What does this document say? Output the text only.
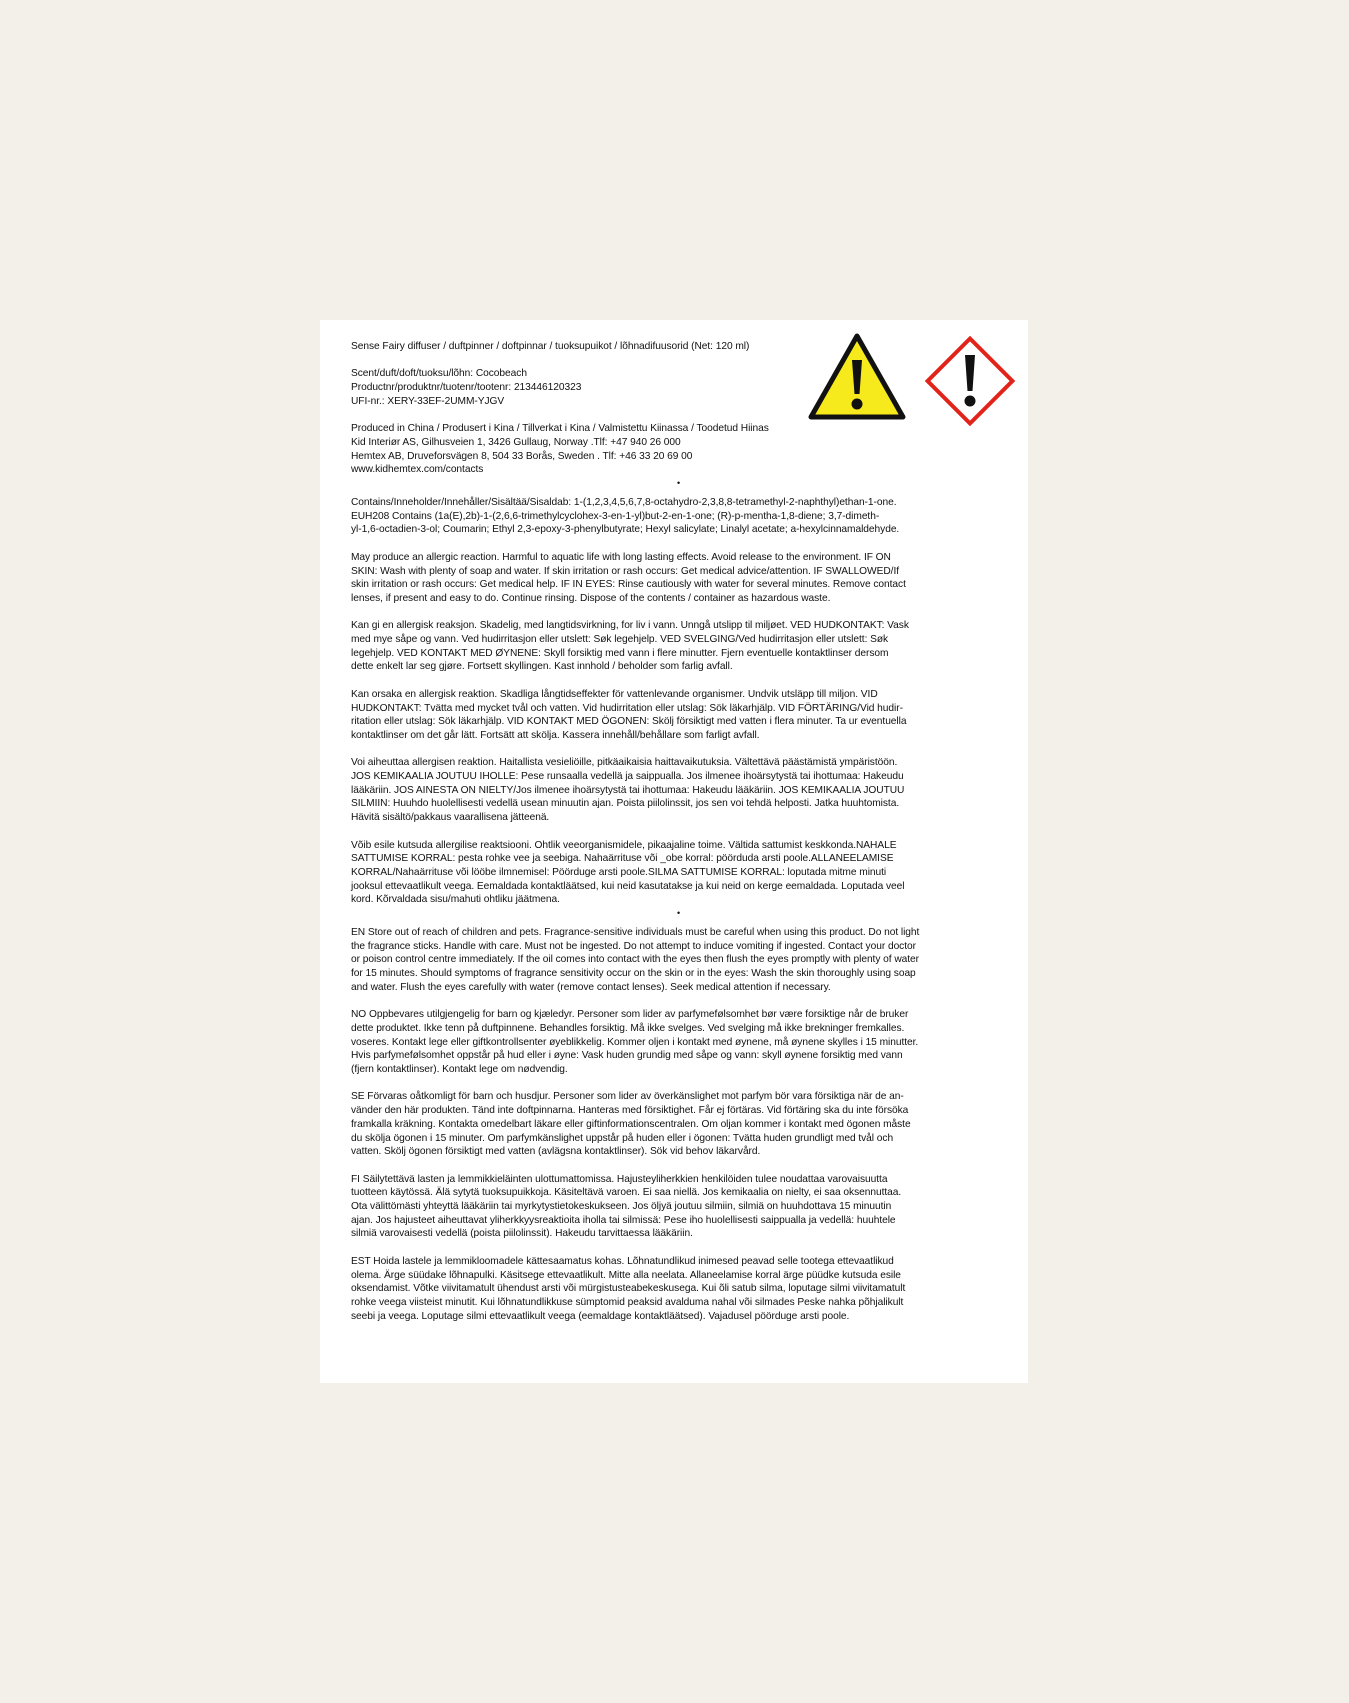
Sense Fairy diffuser / duftpinner / doftpinnar / tuoksupuikot / lõhnadifuusorid (Net: 120 ml)

Scent/duft/doft/tuoksu/lõhn: Cocobeach

Productnr/produktnr/tuotenr/tootenr: 213446120323

UFI-nr.: XERY-33EF-2UMM-YJGV

Produced in China / Produsert i Kina / Tillverkat i Kina / Valmistettu Kiinassa / Toodetud Hiinas

Kid Interiør AS, Gilhusveien 1, 3426 Gullaug, Norway .Tlf: +47 940 26 000

Hemtex AB, Druveforsvägen 8, 504 33 Borås, Sweden . Tlf: +46 33 20 69 00

www.kidhemtex.com/contacts

•

Contains/Inneholder/Innehåller/Sisältää/Sisaldab: 1-(1,2,3,4,5,6,7,8-octahydro-2,3,8,8-tetramethyl-2-naphthyl)ethan-1-one.

EUH208 Contains (1a(E),2b)-1-(2,6,6-trimethylcyclohex-3-en-1-yl)but-2-en-1-one; (R)-p-mentha-1,8-diene; 3,7-dimeth-

yl-1,6-octadien-3-ol; Coumarin; Ethyl 2,3-epoxy-3-phenylbutyrate; Hexyl salicylate; Linalyl acetate; a-hexylcinnamaldehyde.

May produce an allergic reaction. Harmful to aquatic life with long lasting effects. Avoid release to the environment. IF ON

SKIN: Wash with plenty of soap and water. If skin irritation or rash occurs: Get medical advice/attention. IF SWALLOWED/If

skin irritation or rash occurs: Get medical help. IF IN EYES: Rinse cautiously with water for several minutes. Remove contact

lenses, if present and easy to do. Continue rinsing. Dispose of the contents / container as hazardous waste.

Kan gi en allergisk reaksjon. Skadelig, med langtidsvirkning, for liv i vann. Unngå utslipp til miljøet. VED HUDKONTAKT: Vask

med mye såpe og vann. Ved hudirritasjon eller utslett: Søk legehjelp. VED SVELGING/Ved hudirritasjon eller utslett: Søk

legehjelp. VED KONTAKT MED ØYNENE: Skyll forsiktig med vann i flere minutter. Fjern eventuelle kontaktlinser dersom

dette enkelt lar seg gjøre. Fortsett skyllingen. Kast innhold / beholder som farlig avfall.

Kan orsaka en allergisk reaktion. Skadliga långtidseffekter för vattenlevande organismer. Undvik utsläpp till miljon. VID

HUDKONTAKT: Tvätta med mycket tvål och vatten. Vid hudirritation eller utslag: Sök läkarhjälp. VID FÖRTÄRING/Vid hudir-

ritation eller utslag: Sök läkarhjälp. VID KONTAKT MED ÖGONEN: Skölj försiktigt med vatten i flera minuter. Ta ur eventuella

kontaktlinser om det går lätt. Fortsätt att skölja. Kassera innehåll/behållare som farligt avfall.

Voi aiheuttaa allergisen reaktion. Haitallista vesieliöille, pitkäaikaisia haittavaikutuksia. Vältettävä päästämistä ympäristöön.

JOS KEMIKAALIA JOUTUU IHOLLE: Pese runsaalla vedellä ja saippualla. Jos ilmenee ihoärsytystä tai ihottumaa: Hakeudu

lääkäriin. JOS AINESTA ON NIELTY/Jos ilmenee ihoärsytystä tai ihottumaa: Hakeudu lääkäriin. JOS KEMIKAALIA JOUTUU

SILMIIN: Huuhdo huolellisesti vedellä usean minuutin ajan. Poista piilolinssit, jos sen voi tehdä helposti. Jatka huuhtomista.

Hävitä sisältö/pakkaus vaarallisena jätteenä.

Võib esile kutsuda allergilise reaktsiooni. Ohtlik veeorganismidele, pikaajaline toime. Vältida sattumist keskkonda.NAHALE

SATTUMISE KORRAL: pesta rohke vee ja seebiga. Nahaärrituse või _obe korral: pöörduda arsti poole.ALLANEELAMISE

KORRAL/Nahaärrituse või lööbe ilmnemisel: Pöörduge arsti poole.SILMA SATTUMISE KORRAL: loputada mitme minuti

jooksul ettevaatlikult veega. Eemaldada kontaktläätsed, kui neid kasutatakse ja kui neid on kerge eemaldada. Loputada veel

kord. Kõrvaldada sisu/mahuti ohtliku jäätmena.

•

EN Store out of reach of children and pets. Fragrance-sensitive individuals must be careful when using this product. Do not light

the fragrance sticks. Handle with care. Must not be ingested. Do not attempt to induce vomiting if ingested. Contact your doctor

or poison control centre immediately. If the oil comes into contact with the eyes then flush the eyes promptly with plenty of water

for 15 minutes. Should symptoms of fragrance sensitivity occur on the skin or in the eyes: Wash the skin thoroughly using soap

and water. Flush the eyes carefully with water (remove contact lenses). Seek medical attention if necessary.

NO Oppbevares utilgjengelig for barn og kjæledyr. Personer som lider av parfymefølsomhet bør være forsiktige når de bruker

dette produktet. Ikke tenn på duftpinnene. Behandles forsiktig. Må ikke svelges. Ved svelging må ikke brekninger fremkalles.

voseres. Kontakt lege eller giftkontrollsenter øyeblikkelig. Kommer oljen i kontakt med øynene, må øynene skylles i 15 minutter.

Hvis parfymefølsomhet oppstår på hud eller i øyne: Vask huden grundig med såpe og vann: skyll øynene forsiktig med vann

(fjern kontaktlinser). Kontakt lege om nødvendig.

SE Förvaras oåtkomligt för barn och husdjur. Personer som lider av överkänslighet mot parfym bör vara försiktiga när de an-

vänder den här produkten. Tänd inte doftpinnarna. Hanteras med försiktighet. Får ej förtäras. Vid förtäring ska du inte försöka

framkalla kräkning. Kontakta omedelbart läkare eller giftinformationscentralen. Om oljan kommer i kontakt med ögonen måste

du skölja ögonen i 15 minuter. Om parfymkänslighet uppstår på huden eller i ögonen: Tvätta huden grundligt med tvål och

vatten. Skölj ögonen försiktigt med vatten (avlägsna kontaktlinser). Sök vid behov läkarvård.

FI Säilytettävä lasten ja lemmikkieläinten ulottumattomissa. Hajusteyliherkkien henkilöiden tulee noudattaa varovaisuutta

tuotteen käytössä. Älä sytytä tuoksupuikkoja. Käsiteltävä varoen. Ei saa niellä. Jos kemikaalia on nielty, ei saa oksennuttaa.

Ota välittömästi yhteyttä lääkäriin tai myrkytystietokeskukseen. Jos öljyä joutuu silmiin, silmiä on huuhdottava 15 minuutin

ajan. Jos hajusteet aiheuttavat yliherkkyysreaktioita iholla tai silmissä: Pese iho huolellisesti saippualla ja vedellä: huuhtele

silmiä varovaisesti vedellä (poista piilolinssit). Hakeudu tarvittaessa lääkäriin.

EST Hoida lastele ja lemmikloomadele kättesaamatus kohas. Lõhnatundlikud inimesed peavad selle tootega ettevaatlikud

olema. Ärge süüdake lõhnapulki. Käsitsege ettevaatlikult. Mitte alla neelata. Allaneelamise korral ärge püüdke kutsuda esile

oksendamist. Võtke viivitamatult ühendust arsti või mürgistusteabekeskusega. Kui õli satub silma, loputage silmi viivitamatult

rohke veega viisteist minutit. Kui lõhnatundlikkuse sümptomid peaksid avalduma nahal või silmades Peske nahka põhjalikult

seebi ja veega. Loputage silmi ettevaatlikult veega (eemaldage kontaktläätsed). Vajadusel pöörduge arsti poole.
